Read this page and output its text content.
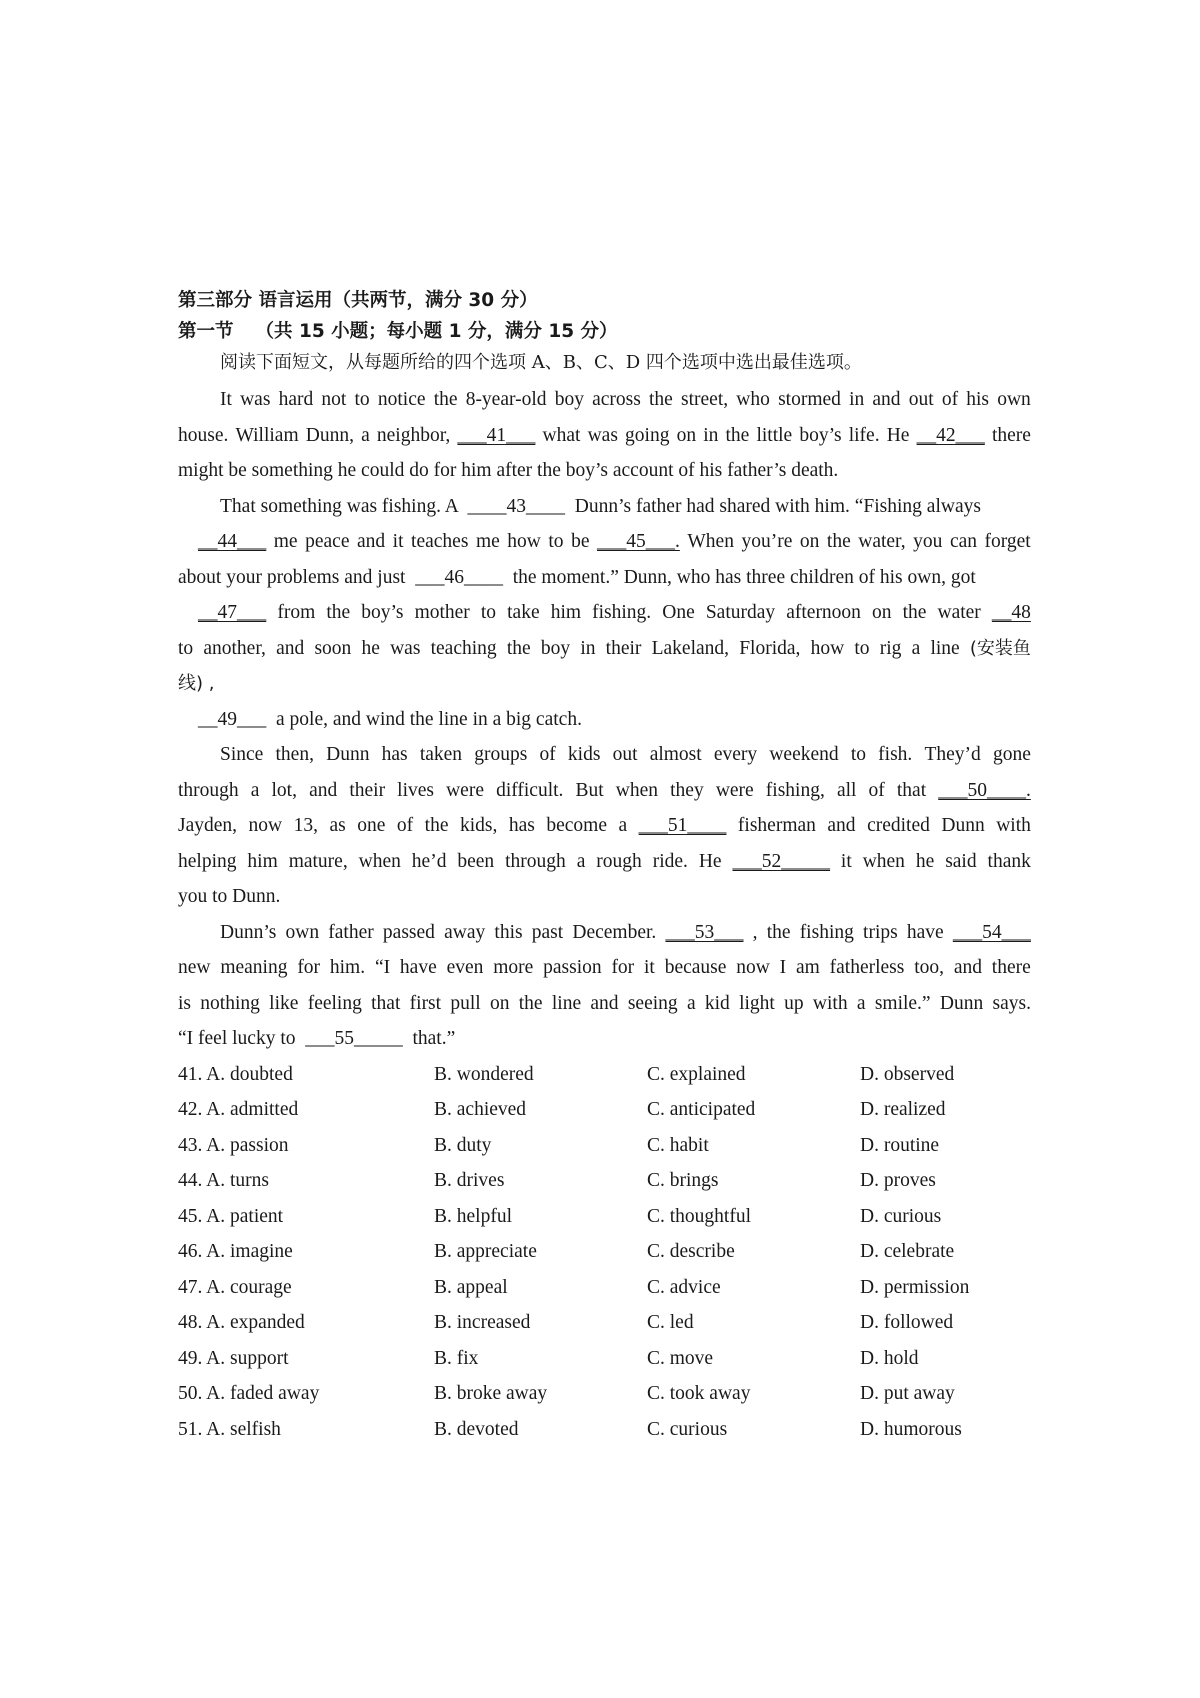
第三部分 语言运用（共两节，满分 30 分）
第一节 （共 15 小题；每小题 1 分，满分 15 分）
阅读下面短文，从每题所给的四个选项 A、B、C、D 四个选项中选出最佳选项。
It was hard not to notice the 8-year-old boy across the street, who stormed in and out of his own
house. William Dunn, a neighbor, ___41___ what was going on in the little boy’s life. He __42___ there
might be something he could do for him after the boy’s account of his father’s death.
That something was fishing. A  ____43____  Dunn’s father had shared with him. “Fishing always
__44___ me peace and it teaches me how to be ___45___. When you’re on the water, you can forget
about your problems and just  ___46____  the moment.” Dunn, who has three children of his own, got
__47___ from the boy’s mother to take him fishing. One Saturday afternoon on the water __48
to another, and soon he was teaching the boy in their Lakeland, Florida, how to rig a line (安装鱼
线) ,
__49___  a pole, and wind the line in a big catch.
Since then, Dunn has taken groups of kids out almost every weekend to fish. They’d gone
through a lot, and their lives were difficult. But when they were fishing, all of that ___50____.
Jayden, now 13, as one of the kids, has become a ___51____ fisherman and credited Dunn with
helping him mature, when he’d been through a rough ride. He ___52_____ it when he said thank
you to Dunn.
Dunn’s own father passed away this past December. ___53___ , the fishing trips have ___54___
new meaning for him. “I have even more passion for it because now I am fatherless too, and there
is nothing like feeling that first pull on the line and seeing a kid light up with a smile.” Dunn says.
“I feel lucky to  ___55_____  that.”
41. A. doubted	B. wondered	C. explained	D. observed
42. A. admitted	B. achieved	C. anticipated	D. realized
43. A. passion	B. duty	C. habit	D. routine
44. A. turns	B. drives	C. brings	D. proves
45. A. patient	B. helpful	C. thoughtful	D. curious
46. A. imagine	B. appreciate	C. describe	D. celebrate
47. A. courage	B. appeal	C. advice	D. permission
48. A. expanded	B. increased	C. led	D. followed
49. A. support	B. fix	C. move	D. hold
50. A. faded away	B. broke away	C. took away	D. put away
51. A. selfish	B. devoted	C. curious	D. humorous
